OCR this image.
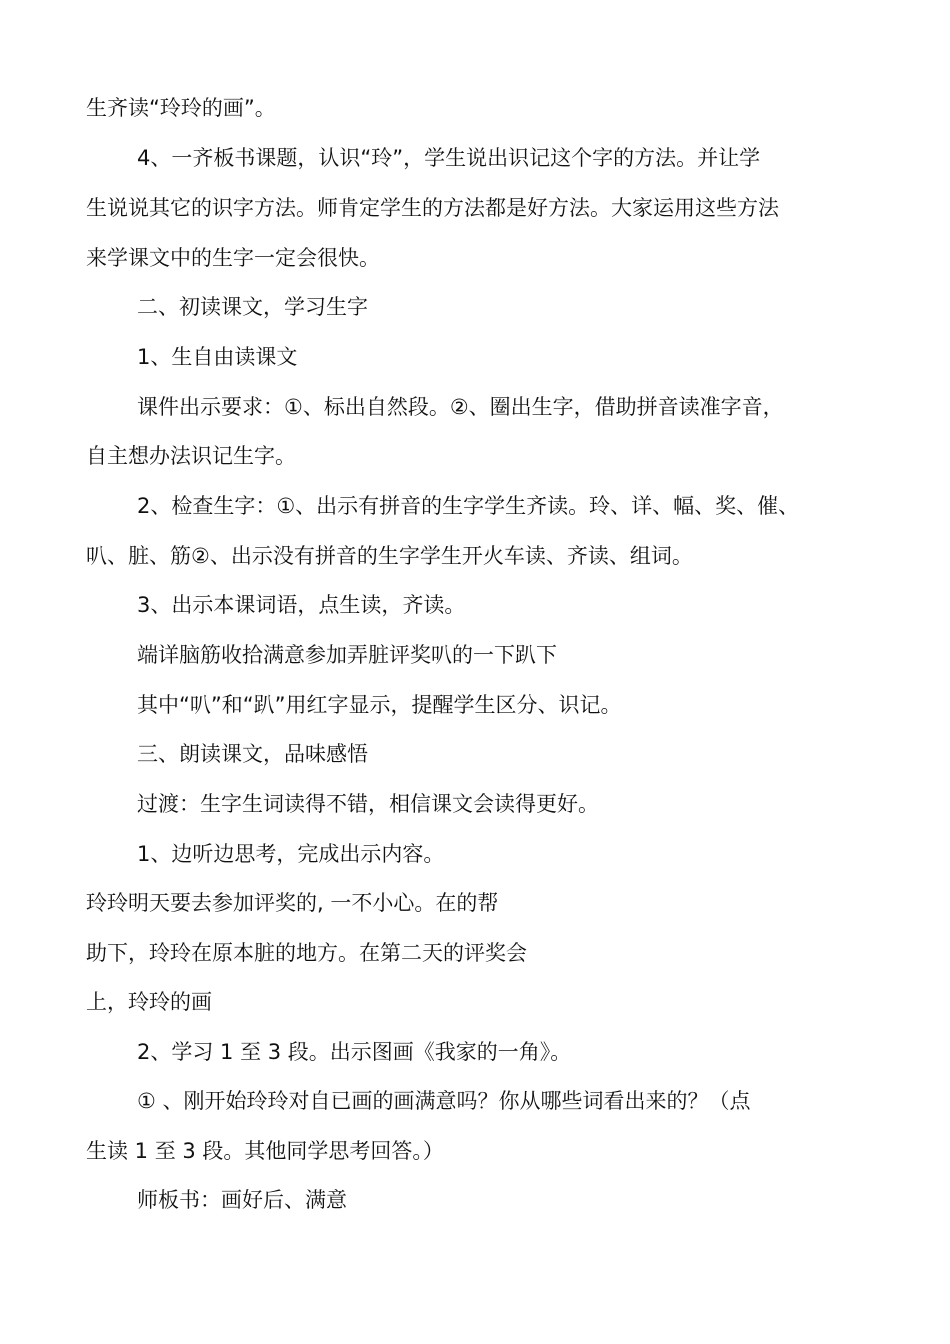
生齐读“玲玲的画”。
4、一齐板书课题，认识“玲”，学生说出识记这个字的方法。并让学
生说说其它的识字方法。师肯定学生的方法都是好方法。大家运用这些方法
来学课文中的生字一定会很快。
二、初读课文，学习生字
1、生自由读课文
课件出示要求：①、标出自然段。②、圈出生字，借助拼音读准字音，
自主想办法识记生字。
2、检查生字：①、出示有拼音的生字学生齐读。玲、详、幅、奖、催、
叭、脏、筋②、出示没有拼音的生字学生开火车读、齐读、组词。
3、出示本课词语，点生读，齐读。
端详脑筋收拾满意参加弄脏评奖叭的一下趴下
其中“叭”和“趴”用红字显示，提醒学生区分、识记。
三、朗读课文，品味感悟
过渡：生字生词读得不错，相信课文会读得更好。
1、边听边思考，完成出示内容。
玲玲明天要去参加评奖的, 一不小心。在的帮
助下，玲玲在原本脏的地方。在第二天的评奖会
上，玲玲的画
2、学习 1 至 3 段。出示图画《我家的一角》。
① 、刚开始玲玲对自已画的画满意吗？你从哪些词看出来的？（点
生读 1 至 3 段。其他同学思考回答。）
师板书：画好后、满意
